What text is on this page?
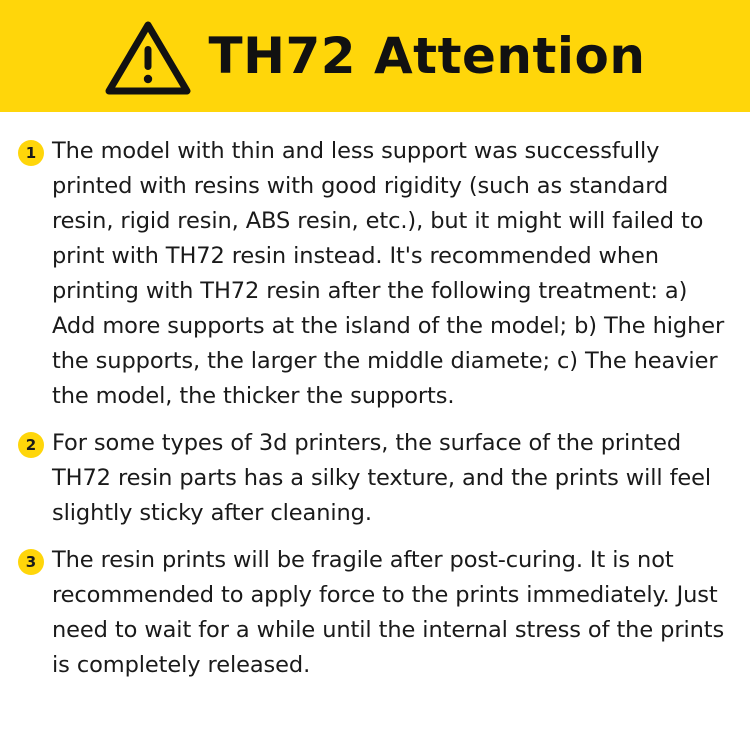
TH72 Attention
1 The model with thin and less support was successfully printed with resins with good rigidity (such as standard resin, rigid resin, ABS resin, etc.), but it might will failed to print with TH72 resin instead. It's recommended when printing with TH72 resin after the following treatment: a) Add more supports at the island of the model; b) The higher the supports, the larger the middle diamete; c) The heavier the model, the thicker the supports.
2 For some types of 3d printers, the surface of the printed TH72 resin parts has a silky texture, and the prints will feel slightly sticky after cleaning.
3 The resin prints will be fragile after post-curing. It is not recommended to apply force to the prints immediately. Just need to wait for a while until the internal stress of the prints is completely released.
